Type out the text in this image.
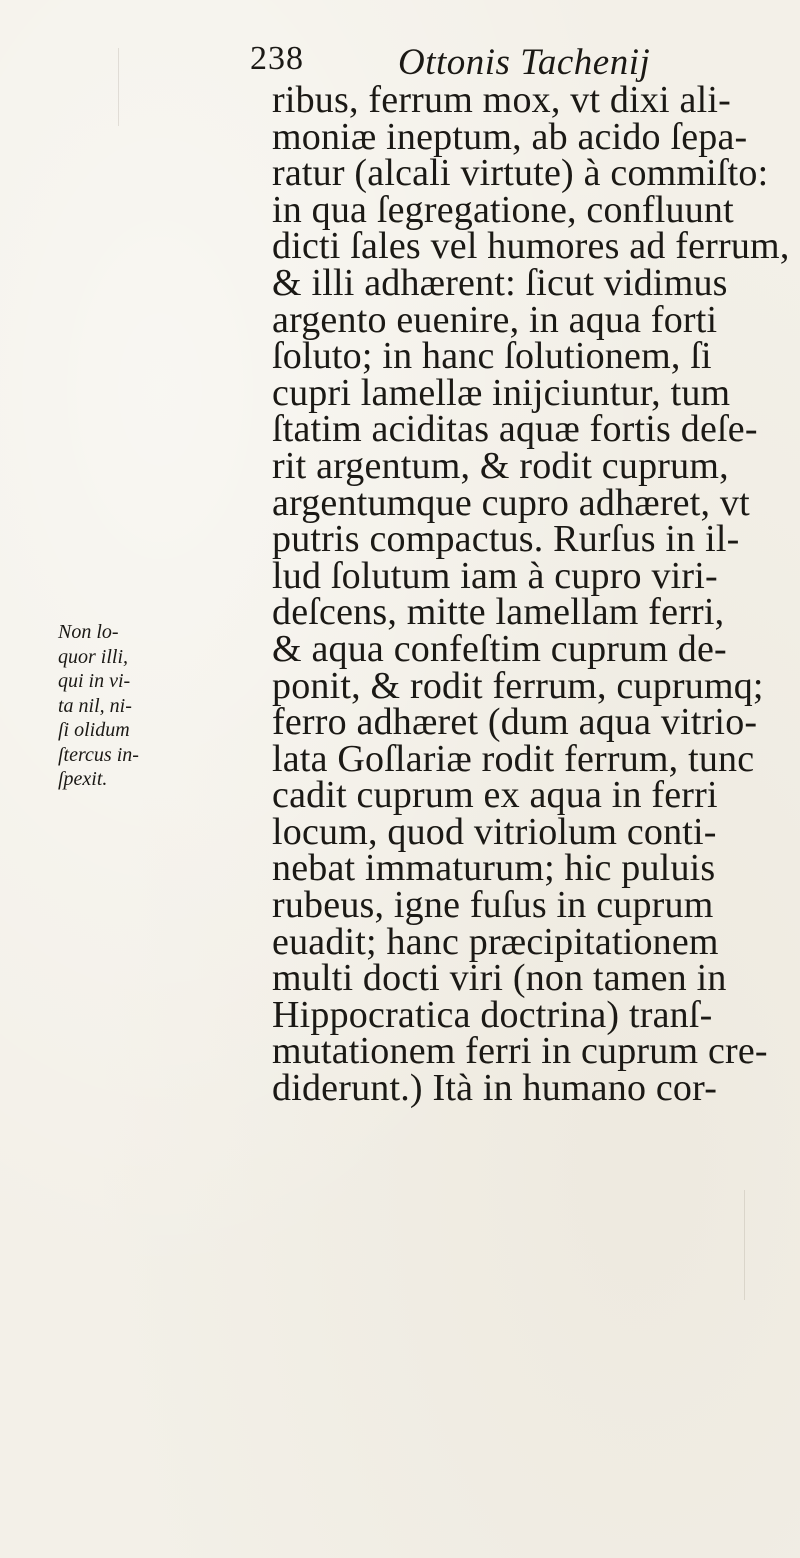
238	Ottonis Tachenij
ribus, ferrum mox, vt dixi ali-
moniæ ineptum, ab acido ſepa-
ratur (alcali virtute) à commiſto:
in qua ſegregatione, confluunt
dicti ſales vel humores ad ferrum,
& illi adhærent: ſicut vidimus
argento euenire, in aqua forti
ſoluto; in hanc ſolutionem, ſi
cupri lamellæ inijciuntur, tum
ſtatim aciditas aquæ fortis deſe-
rit argentum, & rodit cuprum,
argentumque cupro adhæret, vt
putris compactus. Rurſus in il-
lud ſolutum iam à cupro viri-
deſcens, mitte lamellam ferri,
& aqua confeſtim cuprum de-
ponit, & rodit ferrum, cuprumq;
ferro adhæret (dum aqua vitrio-
lata Goſlariæ rodit ferrum, tunc
cadit cuprum ex aqua in ferri
locum, quod vitriolum conti-
nebat immaturum; hic puluis
rubeus, igne fuſus in cuprum
euadit; hanc præcipitationem
multi docti viri (non tamen in
Hippocratica doctrina) tranſ-
mutationem ferri in cuprum cre-
diderunt.) Ità in humano cor-
Non lo-
quor illi,
qui in vi-
ta nil, ni-
ſi olidum
ſtercus in-
ſpexit.
